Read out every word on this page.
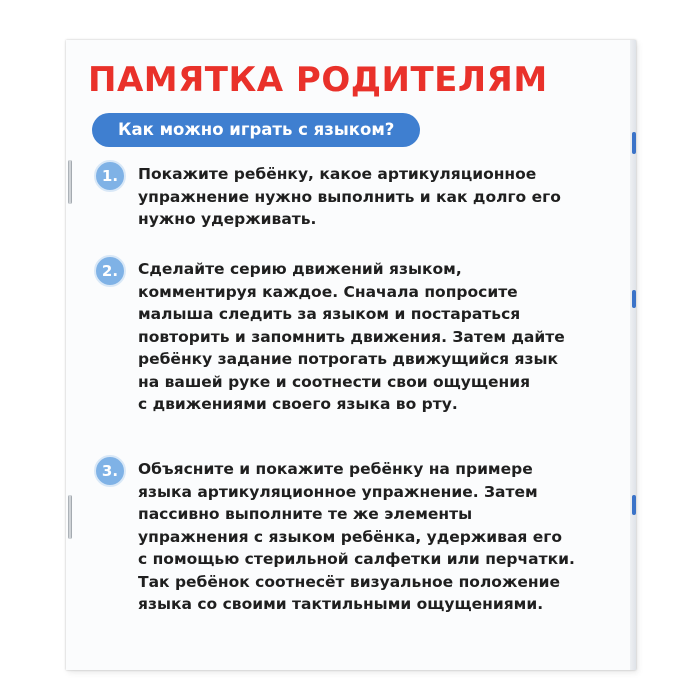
ПАМЯТКА РОДИТЕЛЯМ
Как можно играть с языком?
1.	Покажите ребёнку, какое артикуляционное
упражнение нужно выполнить и как долго его
нужно удерживать.

2.	Сделайте серию движений языком,
комментируя каждое. Сначала попросите
малыша следить за языком и постараться
повторить и запомнить движения. Затем дайте
ребёнку задание потрогать движущийся язык
на вашей руке и соотнести свои ощущения
с движениями своего языка во рту.

3.	Объясните и покажите ребёнку на примере
языка артикуляционное упражнение. Затем
пассивно выполните те же элементы
упражнения с языком ребёнка, удерживая его
с помощью стерильной салфетки или перчатки.
Так ребёнок соотнесёт визуальное положение
языка со своими тактильными ощущениями.
